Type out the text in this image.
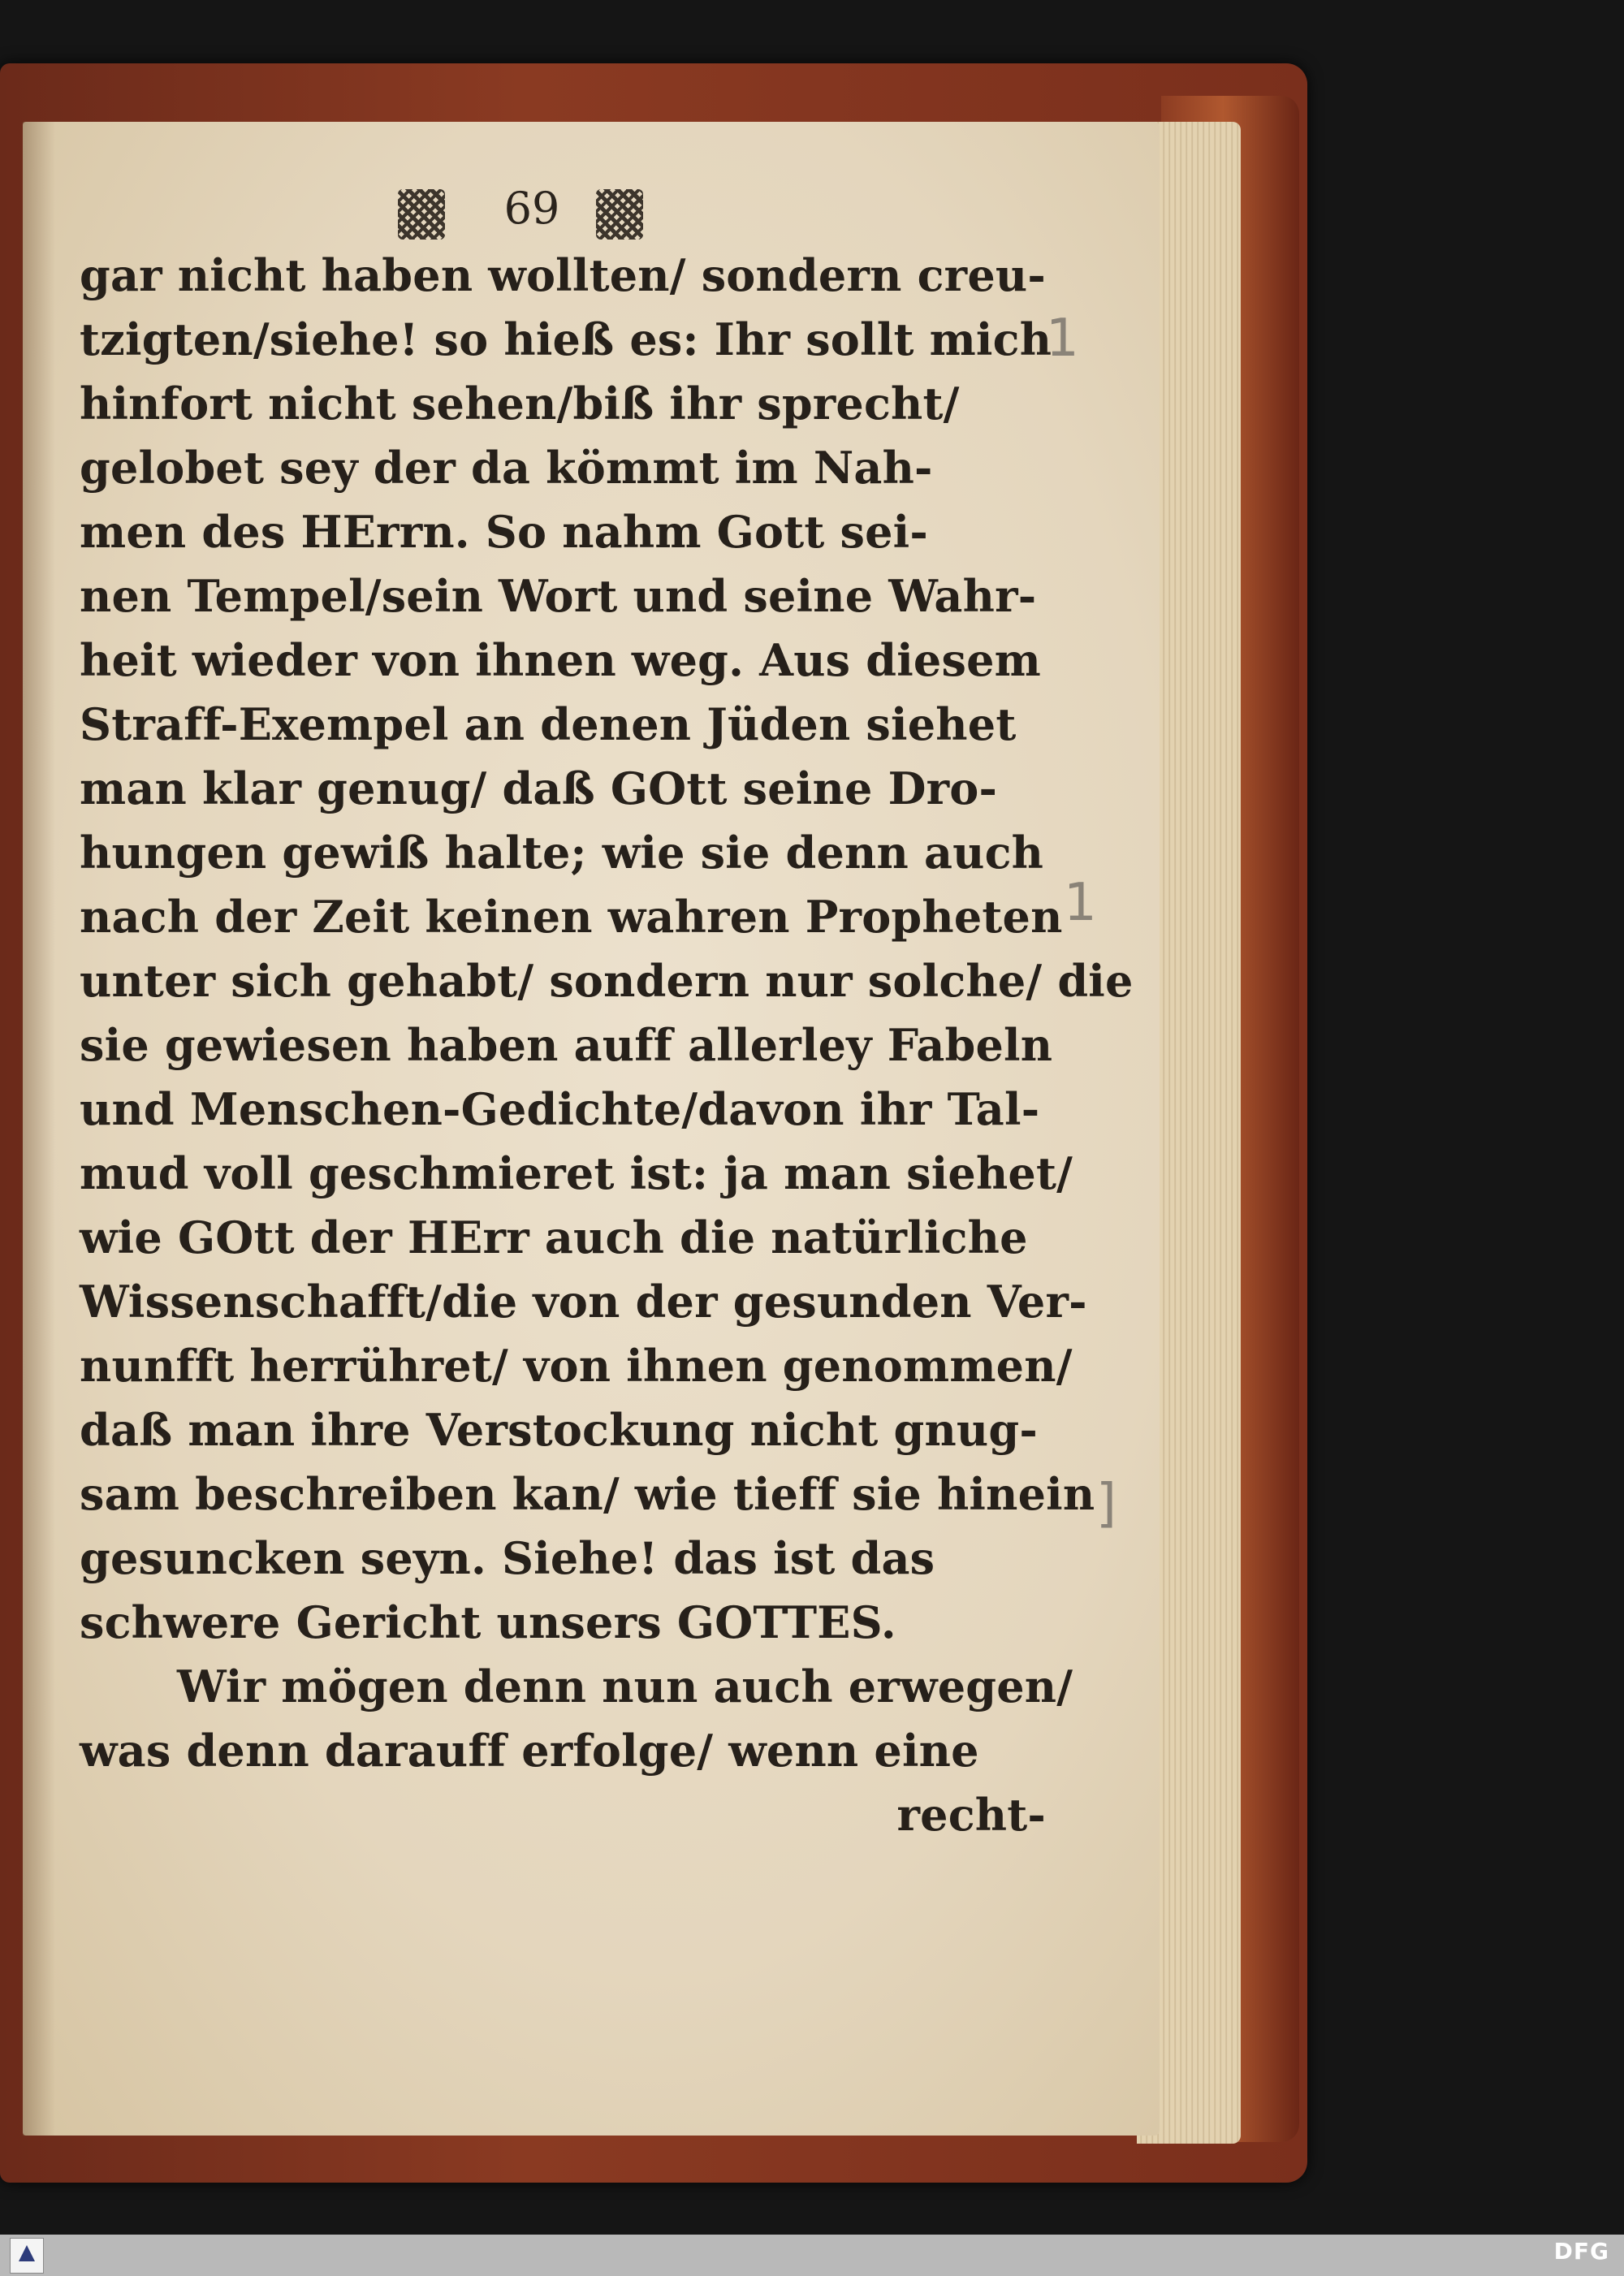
69
gar nicht haben wollten/ sondern creu-
tzigten/siehe! so hieß es: Ihr sollt mich
hinfort nicht sehen/biß ihr sprecht/
gelobet sey der da kömmt im Nah-
men des HErrn. So nahm Gott sei-
nen Tempel/sein Wort und seine Wahr-
heit wieder von ihnen weg. Aus diesem
Straff-Exempel an denen Jüden siehet
man klar genug/ daß GOtt seine Dro-
hungen gewiß halte; wie sie denn auch
nach der Zeit keinen wahren Propheten
unter sich gehabt/ sondern nur solche/ die
sie gewiesen haben auff allerley Fabeln
und Menschen-Gedichte/davon ihr Tal-
mud voll geschmieret ist: ja man siehet/
wie GOtt der HErr auch die natürliche
Wissenschafft/die von der gesunden Ver-
nunfft herrühret/ von ihnen genommen/
daß man ihre Verstockung nicht gnug-
sam beschreiben kan/ wie tieff sie hinein
gesuncken seyn. Siehe! das ist das
schwere Gericht unsers GOTTES.
Wir mögen denn nun auch erwegen/
was denn darauff erfolge/ wenn eine
recht-
1
1
]
DFG
